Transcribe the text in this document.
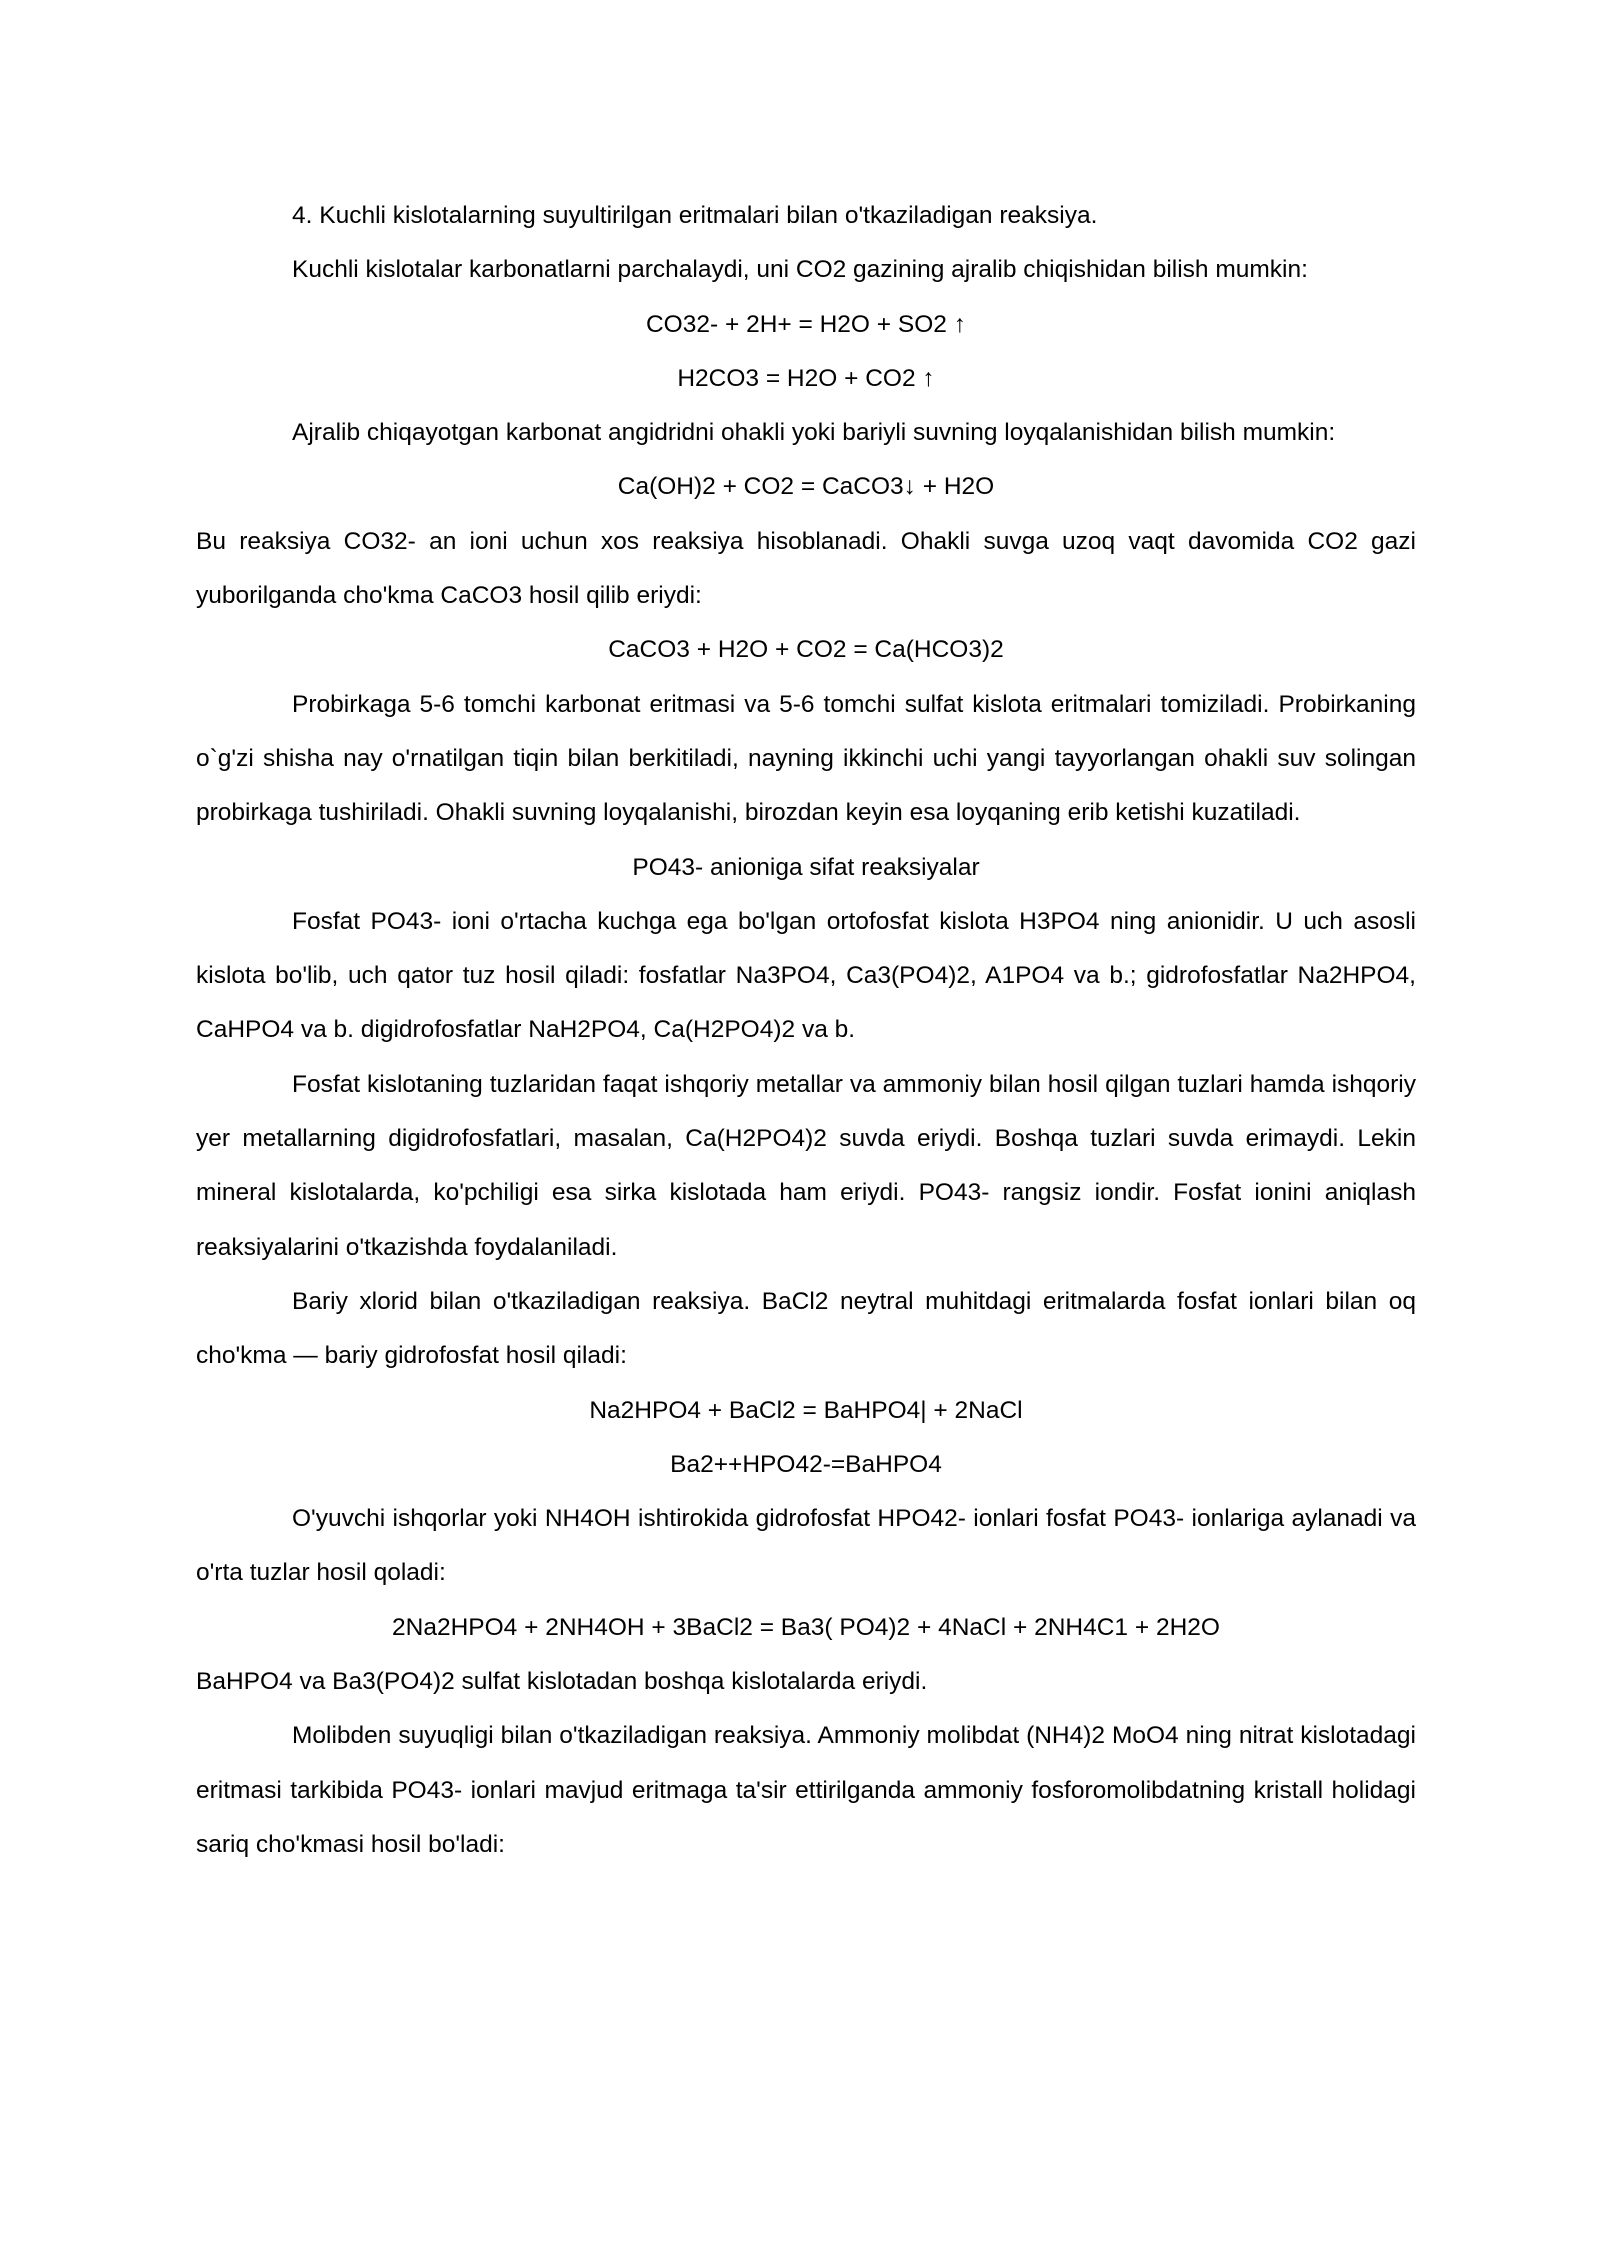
4. Kuchli kislotalarning suyultirilgan eritmalari bilan o'tkaziladigan reaksiya.

Kuchli kislotalar karbonatlarni parchalaydi, uni CO2 gazining ajralib chiqishidan bilish mumkin:

CO32- + 2H+ = H2O + SO2 ↑

H2CO3 = H2O + CO2 ↑

Ajralib chiqayotgan karbonat angidridni ohakli yoki bariyli suvning loyqalanishidan bilish mumkin:

Ca(OH)2 + CO2 = CaCO3↓ + H2O

Bu reaksiya CO32- an ioni uchun xos reaksiya hisoblanadi. Ohakli suvga uzoq vaqt davomida CO2 gazi yuborilganda cho'kma CaCO3 hosil qilib eriydi:

CaCO3 + H2O + CO2 = Ca(HCO3)2

Probirkaga 5-6 tomchi karbonat eritmasi va 5-6 tomchi sulfat kislota eritmalari tomiziladi. Probirkaning o`g'zi shisha nay o'rnatilgan tiqin bilan berkitiladi, nayning ikkinchi uchi yangi tayyorlangan ohakli suv solingan probirkaga tushiriladi. Ohakli suvning loyqalanishi, birozdan keyin esa loyqaning erib ketishi kuzatiladi.

PO43- anioniga sifat reaksiyalar

Fosfat PO43- ioni o'rtacha kuchga ega bo'lgan ortofosfat kislota H3PO4 ning anionidir. U uch asosli kislota bo'lib, uch qator tuz hosil qiladi: fosfatlar Na3PO4, Ca3(PO4)2, A1PO4 va b.; gidrofosfatlar Na2HPO4, CaHPO4 va b. digidrofosfatlar NaH2PO4, Ca(H2PO4)2 va b.

Fosfat kislotaning tuzlaridan faqat ishqoriy metallar va ammoniy bilan hosil qilgan tuzlari hamda ishqoriy yer metallarning digidrofosfatlari, masalan, Ca(H2PO4)2 suvda eriydi. Boshqa tuzlari suvda erimaydi. Lekin mineral kislotalarda, ko'pchiligi esa sirka kislotada ham eriydi. PO43- rangsiz iondir. Fosfat ionini aniqlash reaksiyalarini o'tkazishda foydalaniladi.

Bariy xlorid bilan o'tkaziladigan reaksiya. BaCl2 neytral muhitdagi eritmalarda fosfat ionlari bilan oq cho'kma — bariy gidrofosfat hosil qiladi:

Na2HPO4 + BaCl2 = BaHPO4| + 2NaCl

Ba2++HPO42-=BaHPO4

O'yuvchi ishqorlar yoki NH4OH ishtirokida gidrofosfat HPO42- ionlari fosfat PO43- ionlariga aylanadi va o'rta tuzlar hosil qoladi:

2Na2HPO4 + 2NH4OH + 3BaCl2 = Ba3( PO4)2 + 4NaCl + 2NH4C1 + 2H2O

BaHPO4 va Ba3(PO4)2 sulfat kislotadan boshqa kislotalarda eriydi.

Molibden suyuqligi bilan o'tkaziladigan reaksiya. Ammoniy molibdat (NH4)2 MoO4 ning nitrat kislotadagi eritmasi tarkibida PO43- ionlari mavjud eritmaga ta'sir ettirilganda ammoniy fosforomolibdatning kristall holidagi sariq cho'kmasi hosil bo'ladi:
